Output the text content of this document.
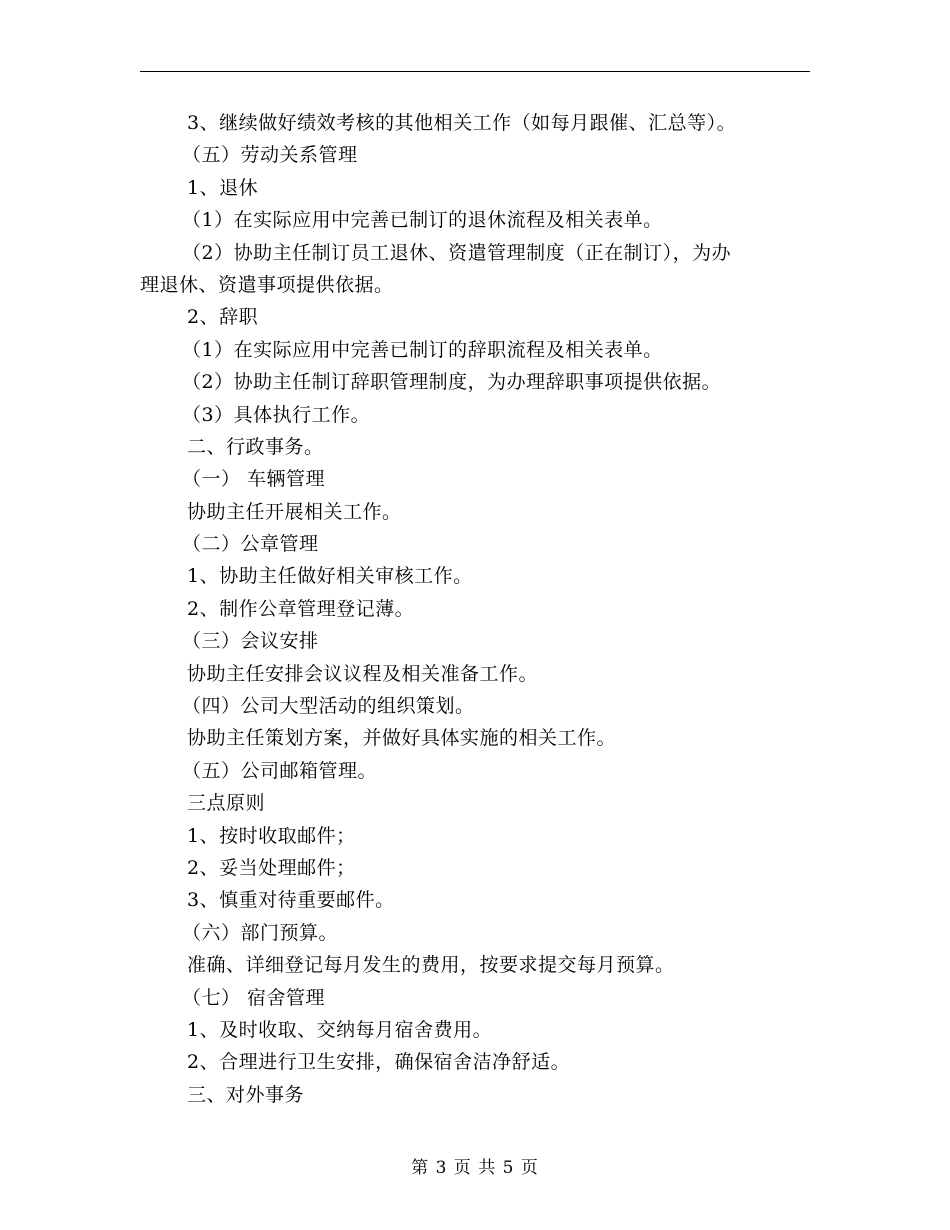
3、继续做好绩效考核的其他相关工作（如每月跟催、汇总等）。
（五）劳动关系管理
1、退休
（1）在实际应用中完善已制订的退休流程及相关表单。
（2）协助主任制订员工退休、资遣管理制度（正在制订），为办
理退休、资遣事项提供依据。
2、辞职
（1）在实际应用中完善已制订的辞职流程及相关表单。
（2）协助主任制订辞职管理制度，为办理辞职事项提供依据。
（3）具体执行工作。
二、行政事务。
（一） 车辆管理
协助主任开展相关工作。
（二）公章管理
1、协助主任做好相关审核工作。
2、制作公章管理登记薄。
（三）会议安排
协助主任安排会议议程及相关准备工作。
（四）公司大型活动的组织策划。
协助主任策划方案，并做好具体实施的相关工作。
（五）公司邮箱管理。
三点原则
1、按时收取邮件；
2、妥当处理邮件；
3、慎重对待重要邮件。
（六）部门预算。
准确、详细登记每月发生的费用，按要求提交每月预算。
（七） 宿舍管理
1、及时收取、交纳每月宿舍费用。
2、合理进行卫生安排，确保宿舍洁净舒适。
三、对外事务
第 3 页 共 5 页
